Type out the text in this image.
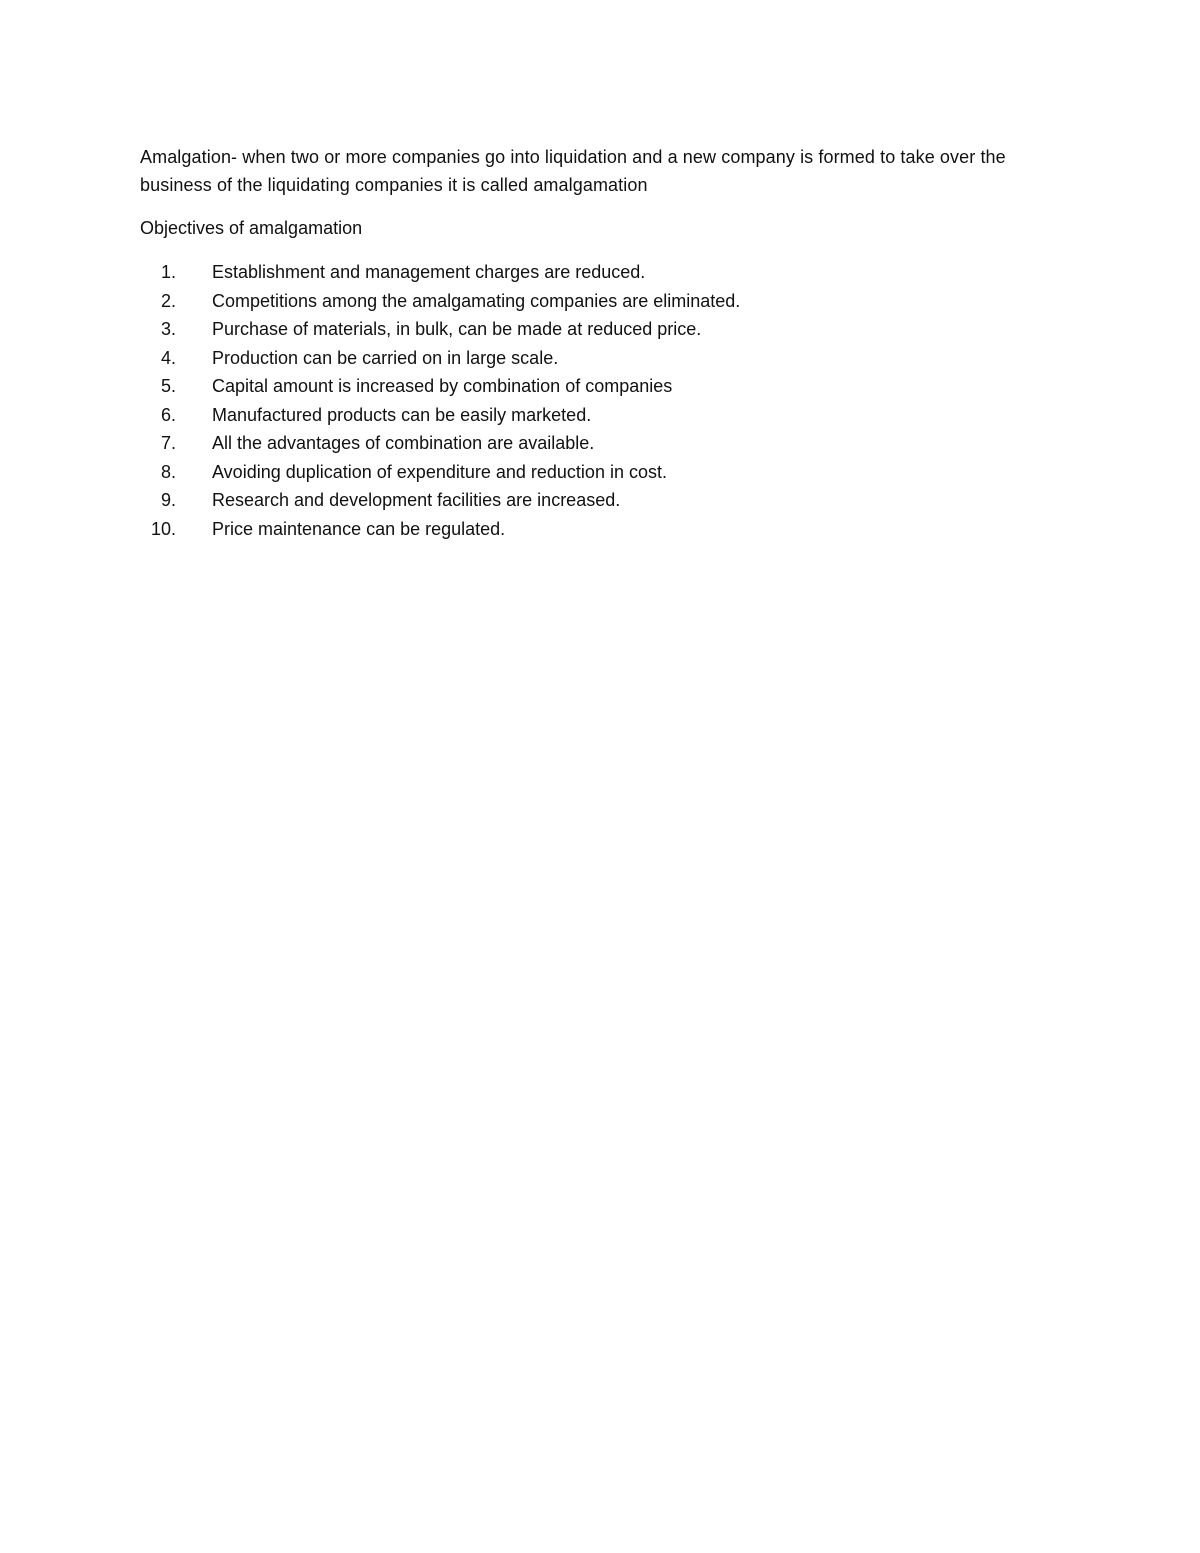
Amalgation- when two or more companies go into liquidation and a new company is formed to take over the business of the liquidating companies it is called amalgamation

Objectives of amalgamation

1.	Establishment and management charges are reduced.
2.	Competitions among the amalgamating companies are eliminated.
3.	Purchase of materials, in bulk, can be made at reduced price.
4.	Production can be carried on in large scale.
5.	Capital amount is increased by combination of companies
6.	Manufactured products can be easily marketed.
7.	All the advantages of combination are available.
8.	Avoiding duplication of expenditure and reduction in cost.
9.	Research and development facilities are increased.
10.	Price maintenance can be regulated.
